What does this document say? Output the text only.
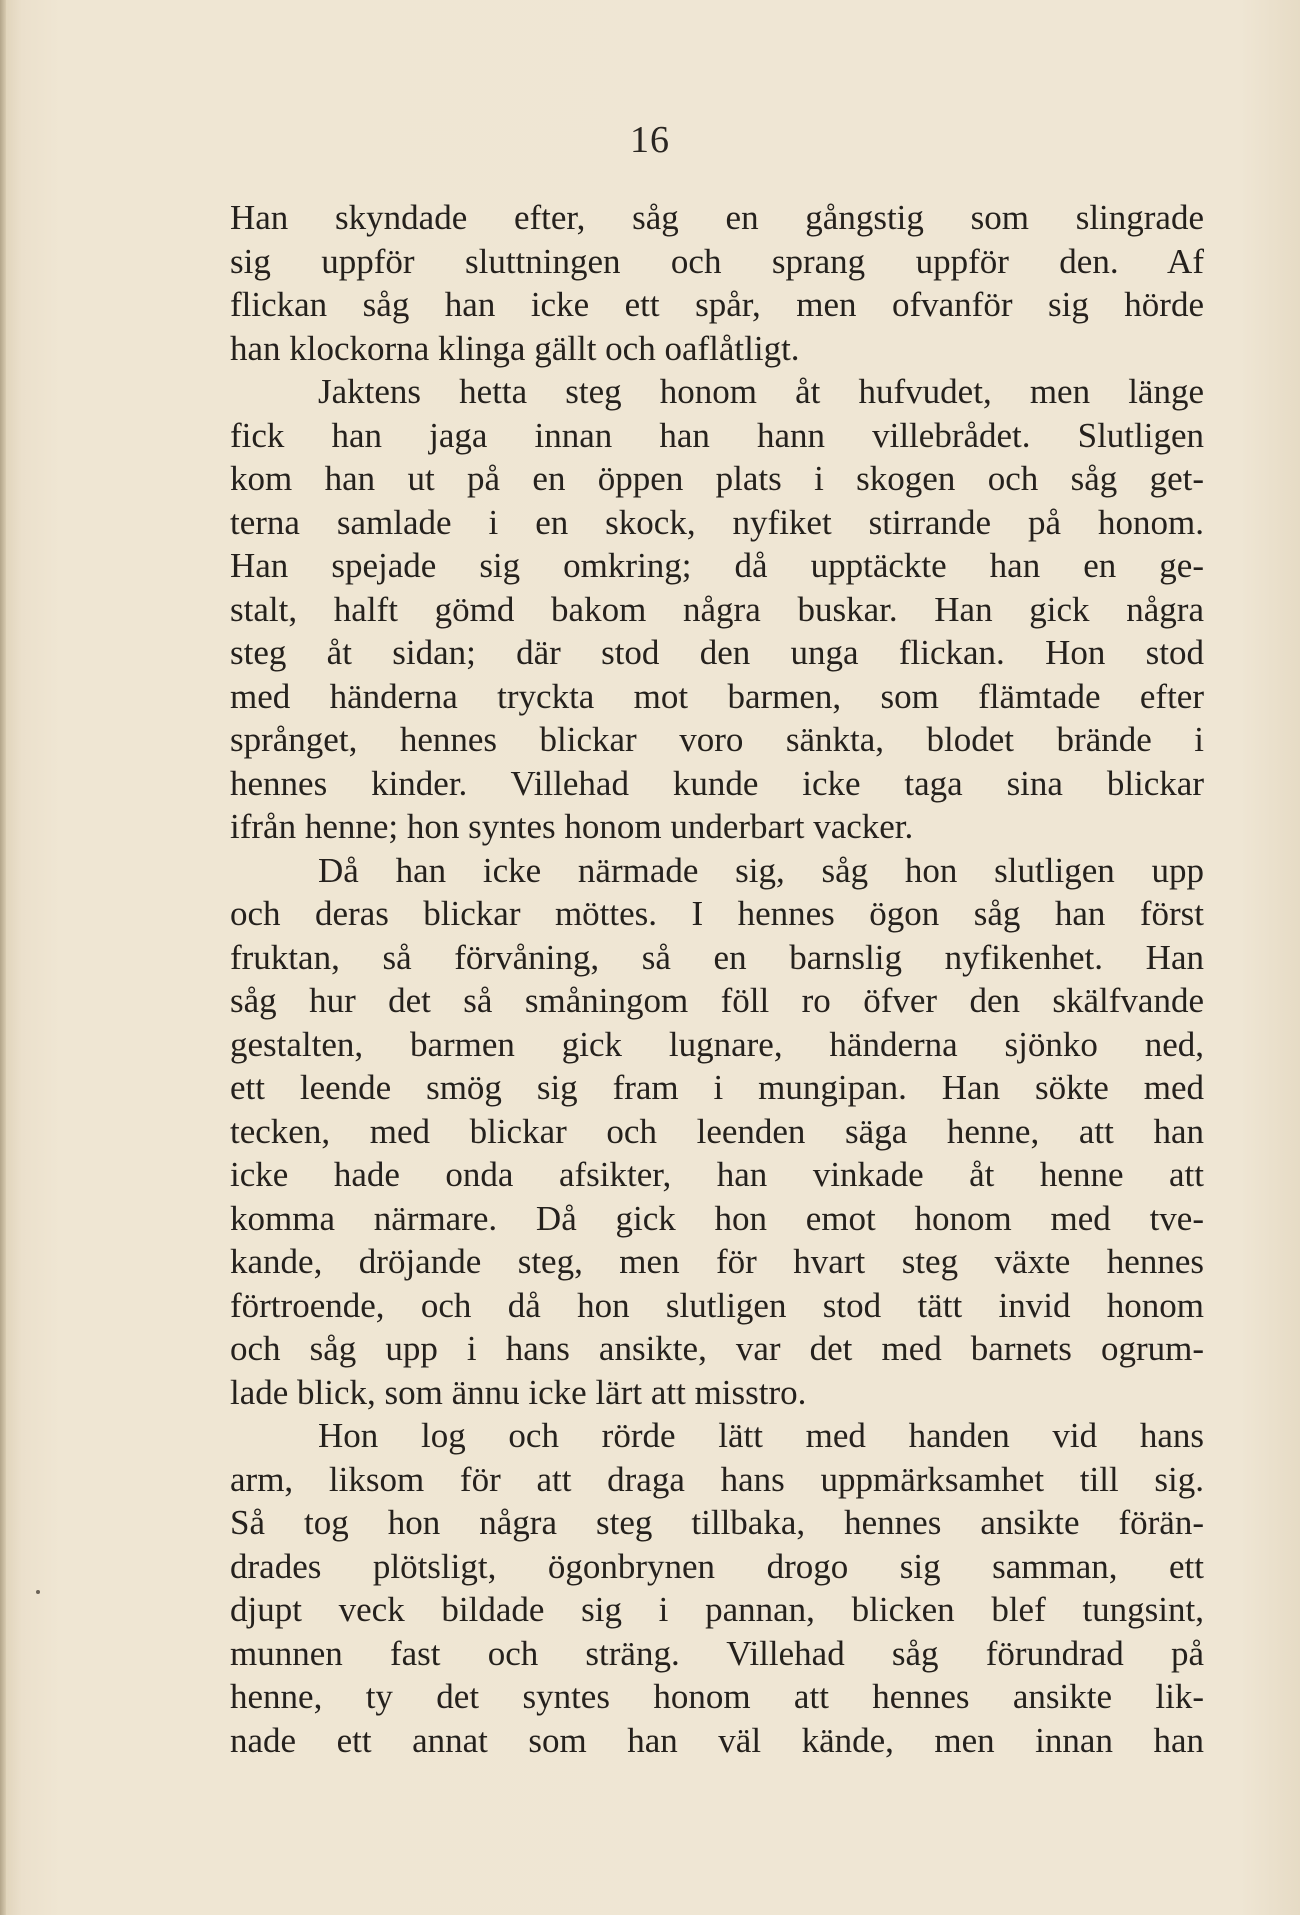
16
Han skyndade efter, såg en gångstig som slingrade
sig uppför sluttningen och sprang uppför den. Af
flickan såg han icke ett spår, men ofvanför sig hörde
han klockorna klinga gällt och oaflåtligt.
Jaktens hetta steg honom åt hufvudet, men länge
fick han jaga innan han hann villebrådet. Slutligen
kom han ut på en öppen plats i skogen och såg get-
terna samlade i en skock, nyfiket stirrande på honom.
Han spejade sig omkring; då upptäckte han en ge-
stalt, halft gömd bakom några buskar. Han gick några
steg åt sidan; där stod den unga flickan. Hon stod
med händerna tryckta mot barmen, som flämtade efter
språnget, hennes blickar voro sänkta, blodet brände i
hennes kinder. Villehad kunde icke taga sina blickar
ifrån henne; hon syntes honom underbart vacker.
Då han icke närmade sig, såg hon slutligen upp
och deras blickar möttes. I hennes ögon såg han först
fruktan, så förvåning, så en barnslig nyfikenhet. Han
såg hur det så småningom föll ro öfver den skälfvande
gestalten, barmen gick lugnare, händerna sjönko ned,
ett leende smög sig fram i mungipan. Han sökte med
tecken, med blickar och leenden säga henne, att han
icke hade onda afsikter, han vinkade åt henne att
komma närmare. Då gick hon emot honom med tve-
kande, dröjande steg, men för hvart steg växte hennes
förtroende, och då hon slutligen stod tätt invid honom
och såg upp i hans ansikte, var det med barnets ogrum-
lade blick, som ännu icke lärt att misstro.
Hon log och rörde lätt med handen vid hans
arm, liksom för att draga hans uppmärksamhet till sig.
Så tog hon några steg tillbaka, hennes ansikte förän-
drades plötsligt, ögonbrynen drogo sig samman, ett
djupt veck bildade sig i pannan, blicken blef tungsint,
munnen fast och sträng. Villehad såg förundrad på
henne, ty det syntes honom att hennes ansikte lik-
nade ett annat som han väl kände, men innan han
